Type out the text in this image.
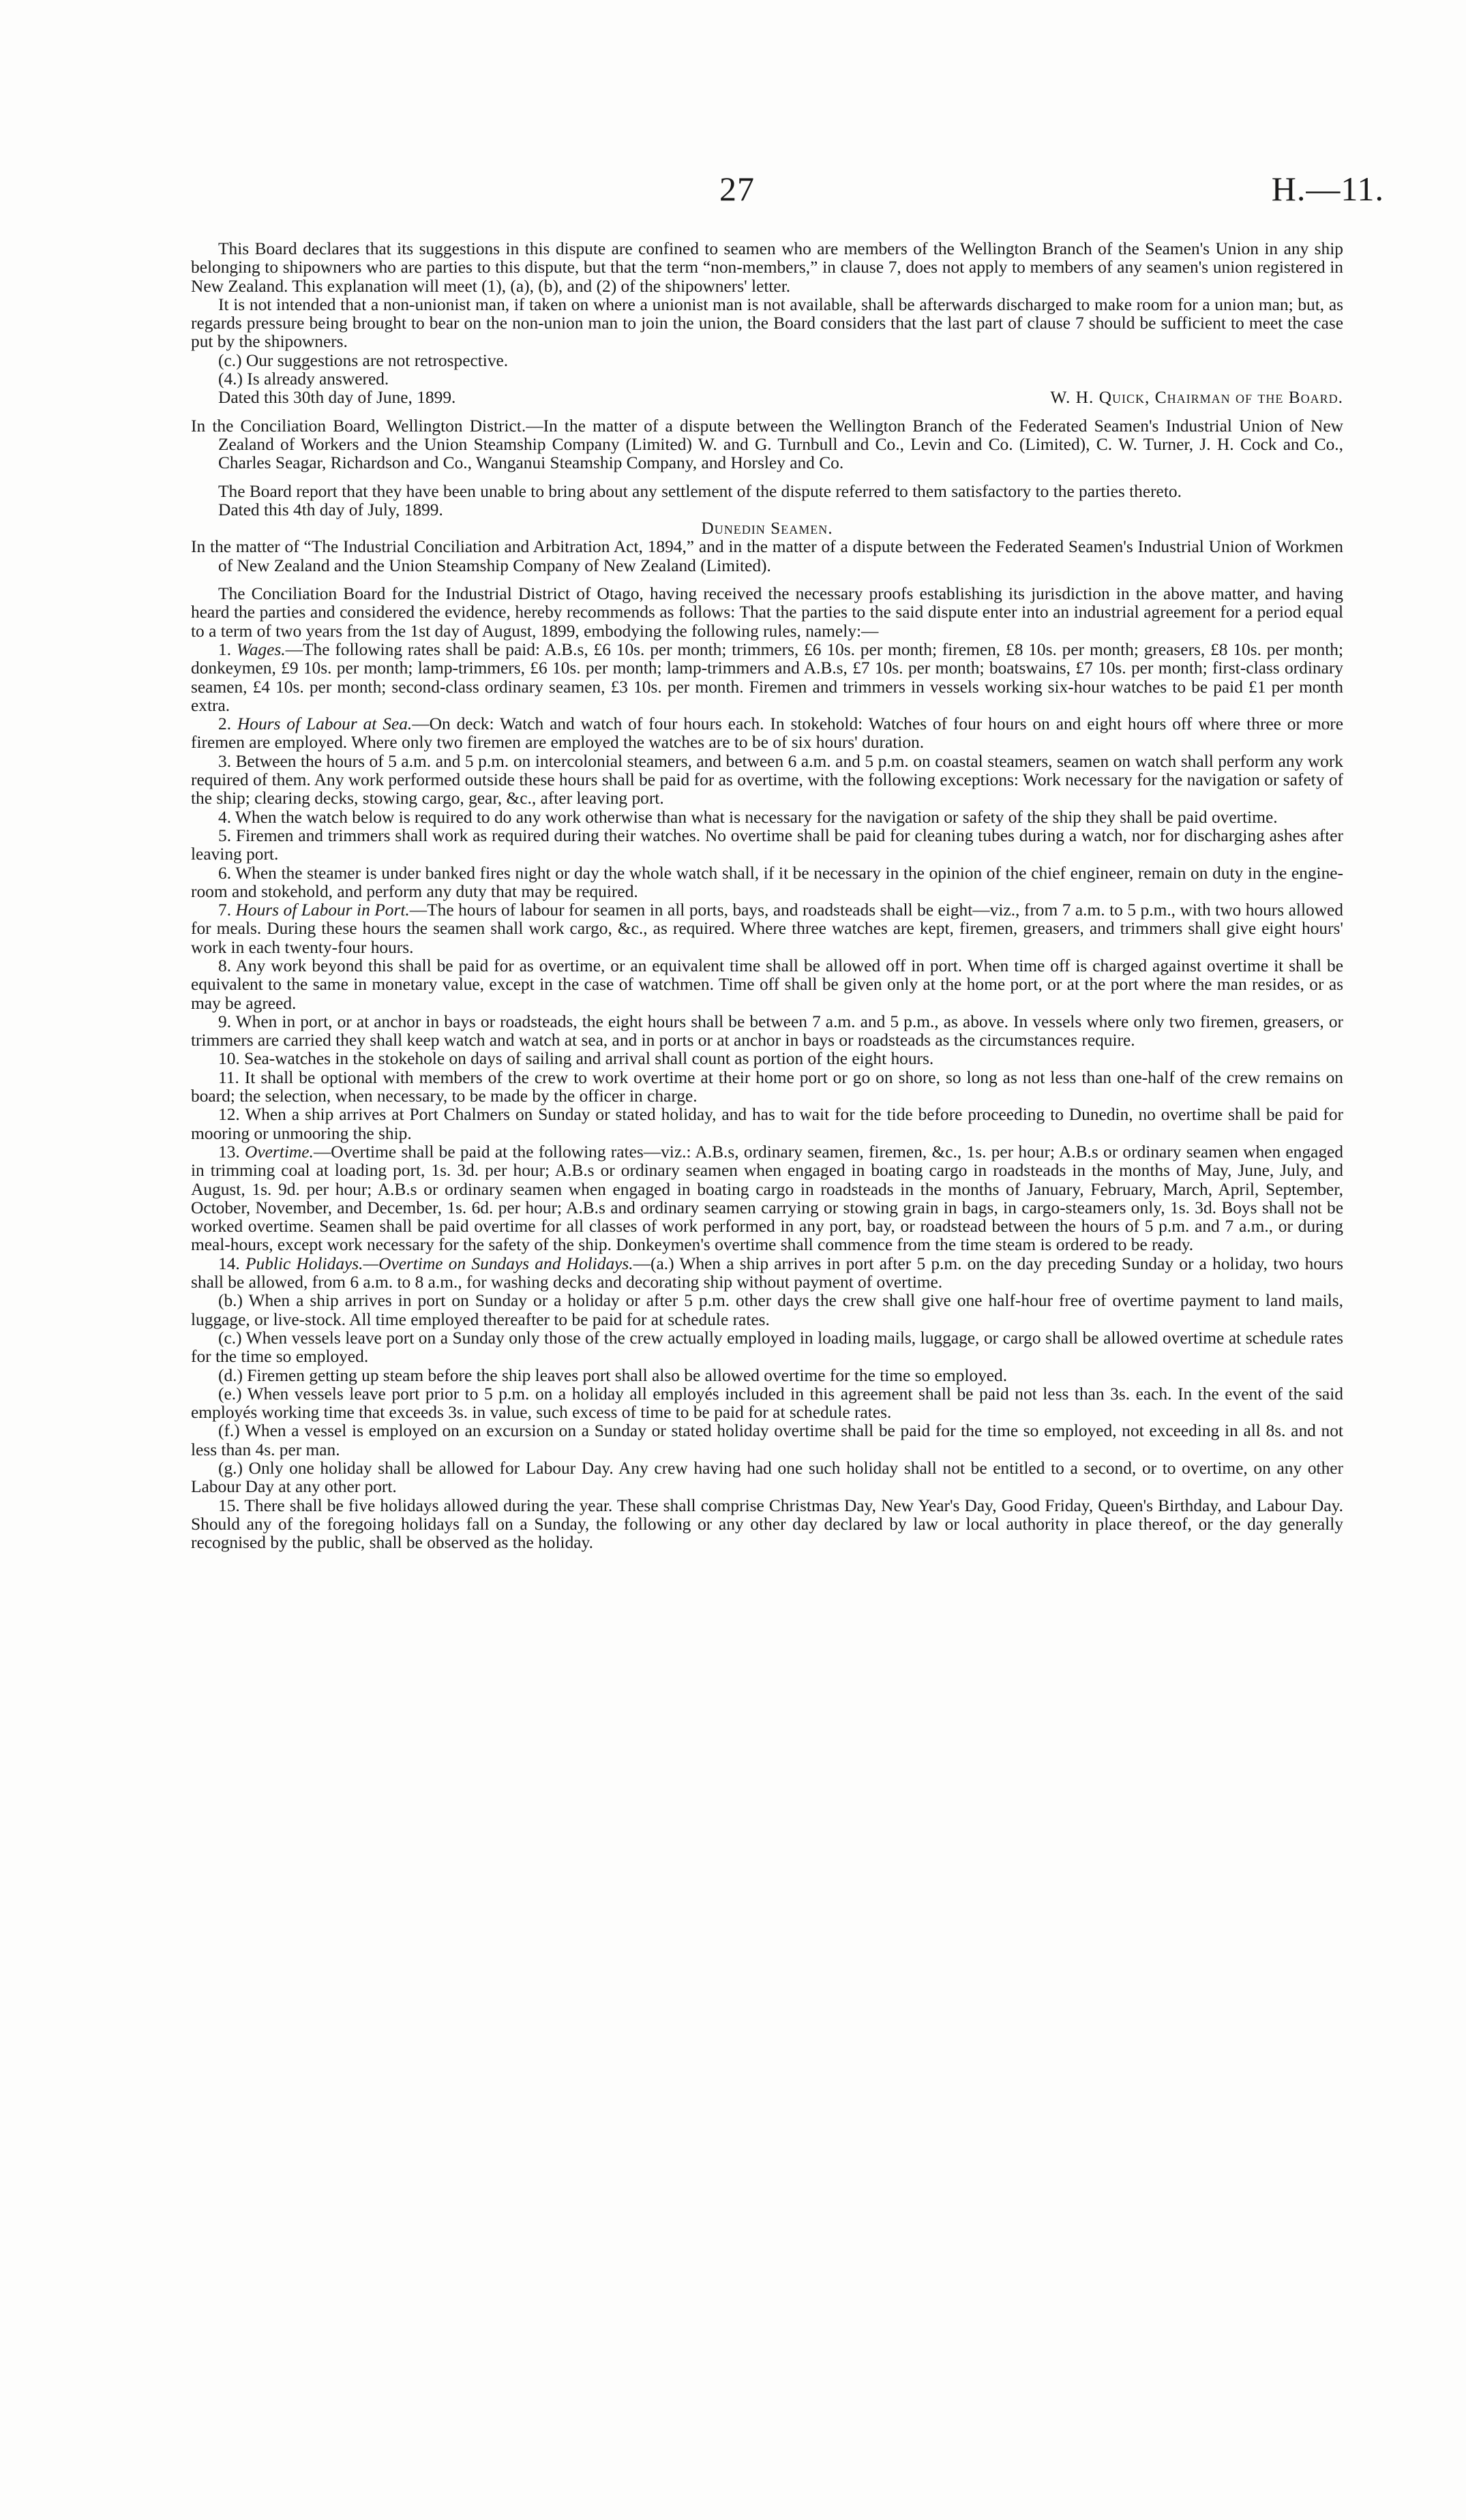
27	H.—11.

This Board declares that its suggestions in this dispute are confined to seamen who are members of the Wellington Branch of the Seamen's Union in any ship belonging to shipowners who are parties to this dispute, but that the term “non-members,” in clause 7, does not apply to members of any seamen's union registered in New Zealand. This explanation will meet (1), (a), (b), and (2) of the shipowners' letter.

It is not intended that a non-unionist man, if taken on where a unionist man is not available, shall be afterwards discharged to make room for a union man; but, as regards pressure being brought to bear on the non-union man to join the union, the Board considers that the last part of clause 7 should be sufficient to meet the case put by the shipowners.

(c.) Our suggestions are not retrospective.

(4.) Is already answered.

Dated this 30th day of June, 1899.	W. H. Quick, Chairman of the Board.

In the Conciliation Board, Wellington District.—In the matter of a dispute between the Wellington Branch of the Federated Seamen's Industrial Union of New Zealand of Workers and the Union Steamship Company (Limited) W. and G. Turnbull and Co., Levin and Co. (Limited), C. W. Turner, J. H. Cock and Co., Charles Seagar, Richardson and Co., Wanganui Steamship Company, and Horsley and Co.

The Board report that they have been unable to bring about any settlement of the dispute referred to them satisfactory to the parties thereto.

Dated this 4th day of July, 1899.

Dunedin Seamen.

In the matter of “The Industrial Conciliation and Arbitration Act, 1894,” and in the matter of a dispute between the Federated Seamen's Industrial Union of Workmen of New Zealand and the Union Steamship Company of New Zealand (Limited).

The Conciliation Board for the Industrial District of Otago, having received the necessary proofs establishing its jurisdiction in the above matter, and having heard the parties and considered the evidence, hereby recommends as follows: That the parties to the said dispute enter into an industrial agreement for a period equal to a term of two years from the 1st day of August, 1899, embodying the following rules, namely:—

1. Wages.—The following rates shall be paid: A.B.s, £6 10s. per month; trimmers, £6 10s. per month; firemen, £8 10s. per month; greasers, £8 10s. per month; donkeymen, £9 10s. per month; lamp-trimmers, £6 10s. per month; lamp-trimmers and A.B.s, £7 10s. per month; boatswains, £7 10s. per month; first-class ordinary seamen, £4 10s. per month; second-class ordinary seamen, £3 10s. per month. Firemen and trimmers in vessels working six-hour watches to be paid £1 per month extra.

2. Hours of Labour at Sea.—On deck: Watch and watch of four hours each. In stokehold: Watches of four hours on and eight hours off where three or more firemen are employed. Where only two firemen are employed the watches are to be of six hours' duration.

3. Between the hours of 5 a.m. and 5 p.m. on intercolonial steamers, and between 6 a.m. and 5 p.m. on coastal steamers, seamen on watch shall perform any work required of them. Any work performed outside these hours shall be paid for as overtime, with the following exceptions: Work necessary for the navigation or safety of the ship; clearing decks, stowing cargo, gear, &c., after leaving port.

4. When the watch below is required to do any work otherwise than what is necessary for the navigation or safety of the ship they shall be paid overtime.

5. Firemen and trimmers shall work as required during their watches. No overtime shall be paid for cleaning tubes during a watch, nor for discharging ashes after leaving port.

6. When the steamer is under banked fires night or day the whole watch shall, if it be necessary in the opinion of the chief engineer, remain on duty in the engine-room and stokehold, and perform any duty that may be required.

7. Hours of Labour in Port.—The hours of labour for seamen in all ports, bays, and roadsteads shall be eight—viz., from 7 a.m. to 5 p.m., with two hours allowed for meals. During these hours the seamen shall work cargo, &c., as required. Where three watches are kept, firemen, greasers, and trimmers shall give eight hours' work in each twenty-four hours.

8. Any work beyond this shall be paid for as overtime, or an equivalent time shall be allowed off in port. When time off is charged against overtime it shall be equivalent to the same in monetary value, except in the case of watchmen. Time off shall be given only at the home port, or at the port where the man resides, or as may be agreed.

9. When in port, or at anchor in bays or roadsteads, the eight hours shall be between 7 a.m. and 5 p.m., as above. In vessels where only two firemen, greasers, or trimmers are carried they shall keep watch and watch at sea, and in ports or at anchor in bays or roadsteads as the circumstances require.

10. Sea-watches in the stokehole on days of sailing and arrival shall count as portion of the eight hours.

11. It shall be optional with members of the crew to work overtime at their home port or go on shore, so long as not less than one-half of the crew remains on board; the selection, when necessary, to be made by the officer in charge.

12. When a ship arrives at Port Chalmers on Sunday or stated holiday, and has to wait for the tide before proceeding to Dunedin, no overtime shall be paid for mooring or unmooring the ship.

13. Overtime.—Overtime shall be paid at the following rates—viz.: A.B.s, ordinary seamen, firemen, &c., 1s. per hour; A.B.s or ordinary seamen when engaged in trimming coal at loading port, 1s. 3d. per hour; A.B.s or ordinary seamen when engaged in boating cargo in roadsteads in the months of May, June, July, and August, 1s. 9d. per hour; A.B.s or ordinary seamen when engaged in boating cargo in roadsteads in the months of January, February, March, April, September, October, November, and December, 1s. 6d. per hour; A.B.s and ordinary seamen carrying or stowing grain in bags, in cargo-steamers only, 1s. 3d. Boys shall not be worked overtime. Seamen shall be paid overtime for all classes of work performed in any port, bay, or roadstead between the hours of 5 p.m. and 7 a.m., or during meal-hours, except work necessary for the safety of the ship. Donkeymen's overtime shall commence from the time steam is ordered to be ready.

14. Public Holidays.—Overtime on Sundays and Holidays.—(a.) When a ship arrives in port after 5 p.m. on the day preceding Sunday or a holiday, two hours shall be allowed, from 6 a.m. to 8 a.m., for washing decks and decorating ship without payment of overtime.

(b.) When a ship arrives in port on Sunday or a holiday or after 5 p.m. other days the crew shall give one half-hour free of overtime payment to land mails, luggage, or live-stock. All time employed thereafter to be paid for at schedule rates.

(c.) When vessels leave port on a Sunday only those of the crew actually employed in loading mails, luggage, or cargo shall be allowed overtime at schedule rates for the time so employed.

(d.) Firemen getting up steam before the ship leaves port shall also be allowed overtime for the time so employed.

(e.) When vessels leave port prior to 5 p.m. on a holiday all employés included in this agreement shall be paid not less than 3s. each. In the event of the said employés working time that exceeds 3s. in value, such excess of time to be paid for at schedule rates.

(f.) When a vessel is employed on an excursion on a Sunday or stated holiday overtime shall be paid for the time so employed, not exceeding in all 8s. and not less than 4s. per man.

(g.) Only one holiday shall be allowed for Labour Day. Any crew having had one such holiday shall not be entitled to a second, or to overtime, on any other Labour Day at any other port.

15. There shall be five holidays allowed during the year. These shall comprise Christmas Day, New Year's Day, Good Friday, Queen's Birthday, and Labour Day. Should any of the foregoing holidays fall on a Sunday, the following or any other day declared by law or local authority in place thereof, or the day generally recognised by the public, shall be observed as the holiday.
